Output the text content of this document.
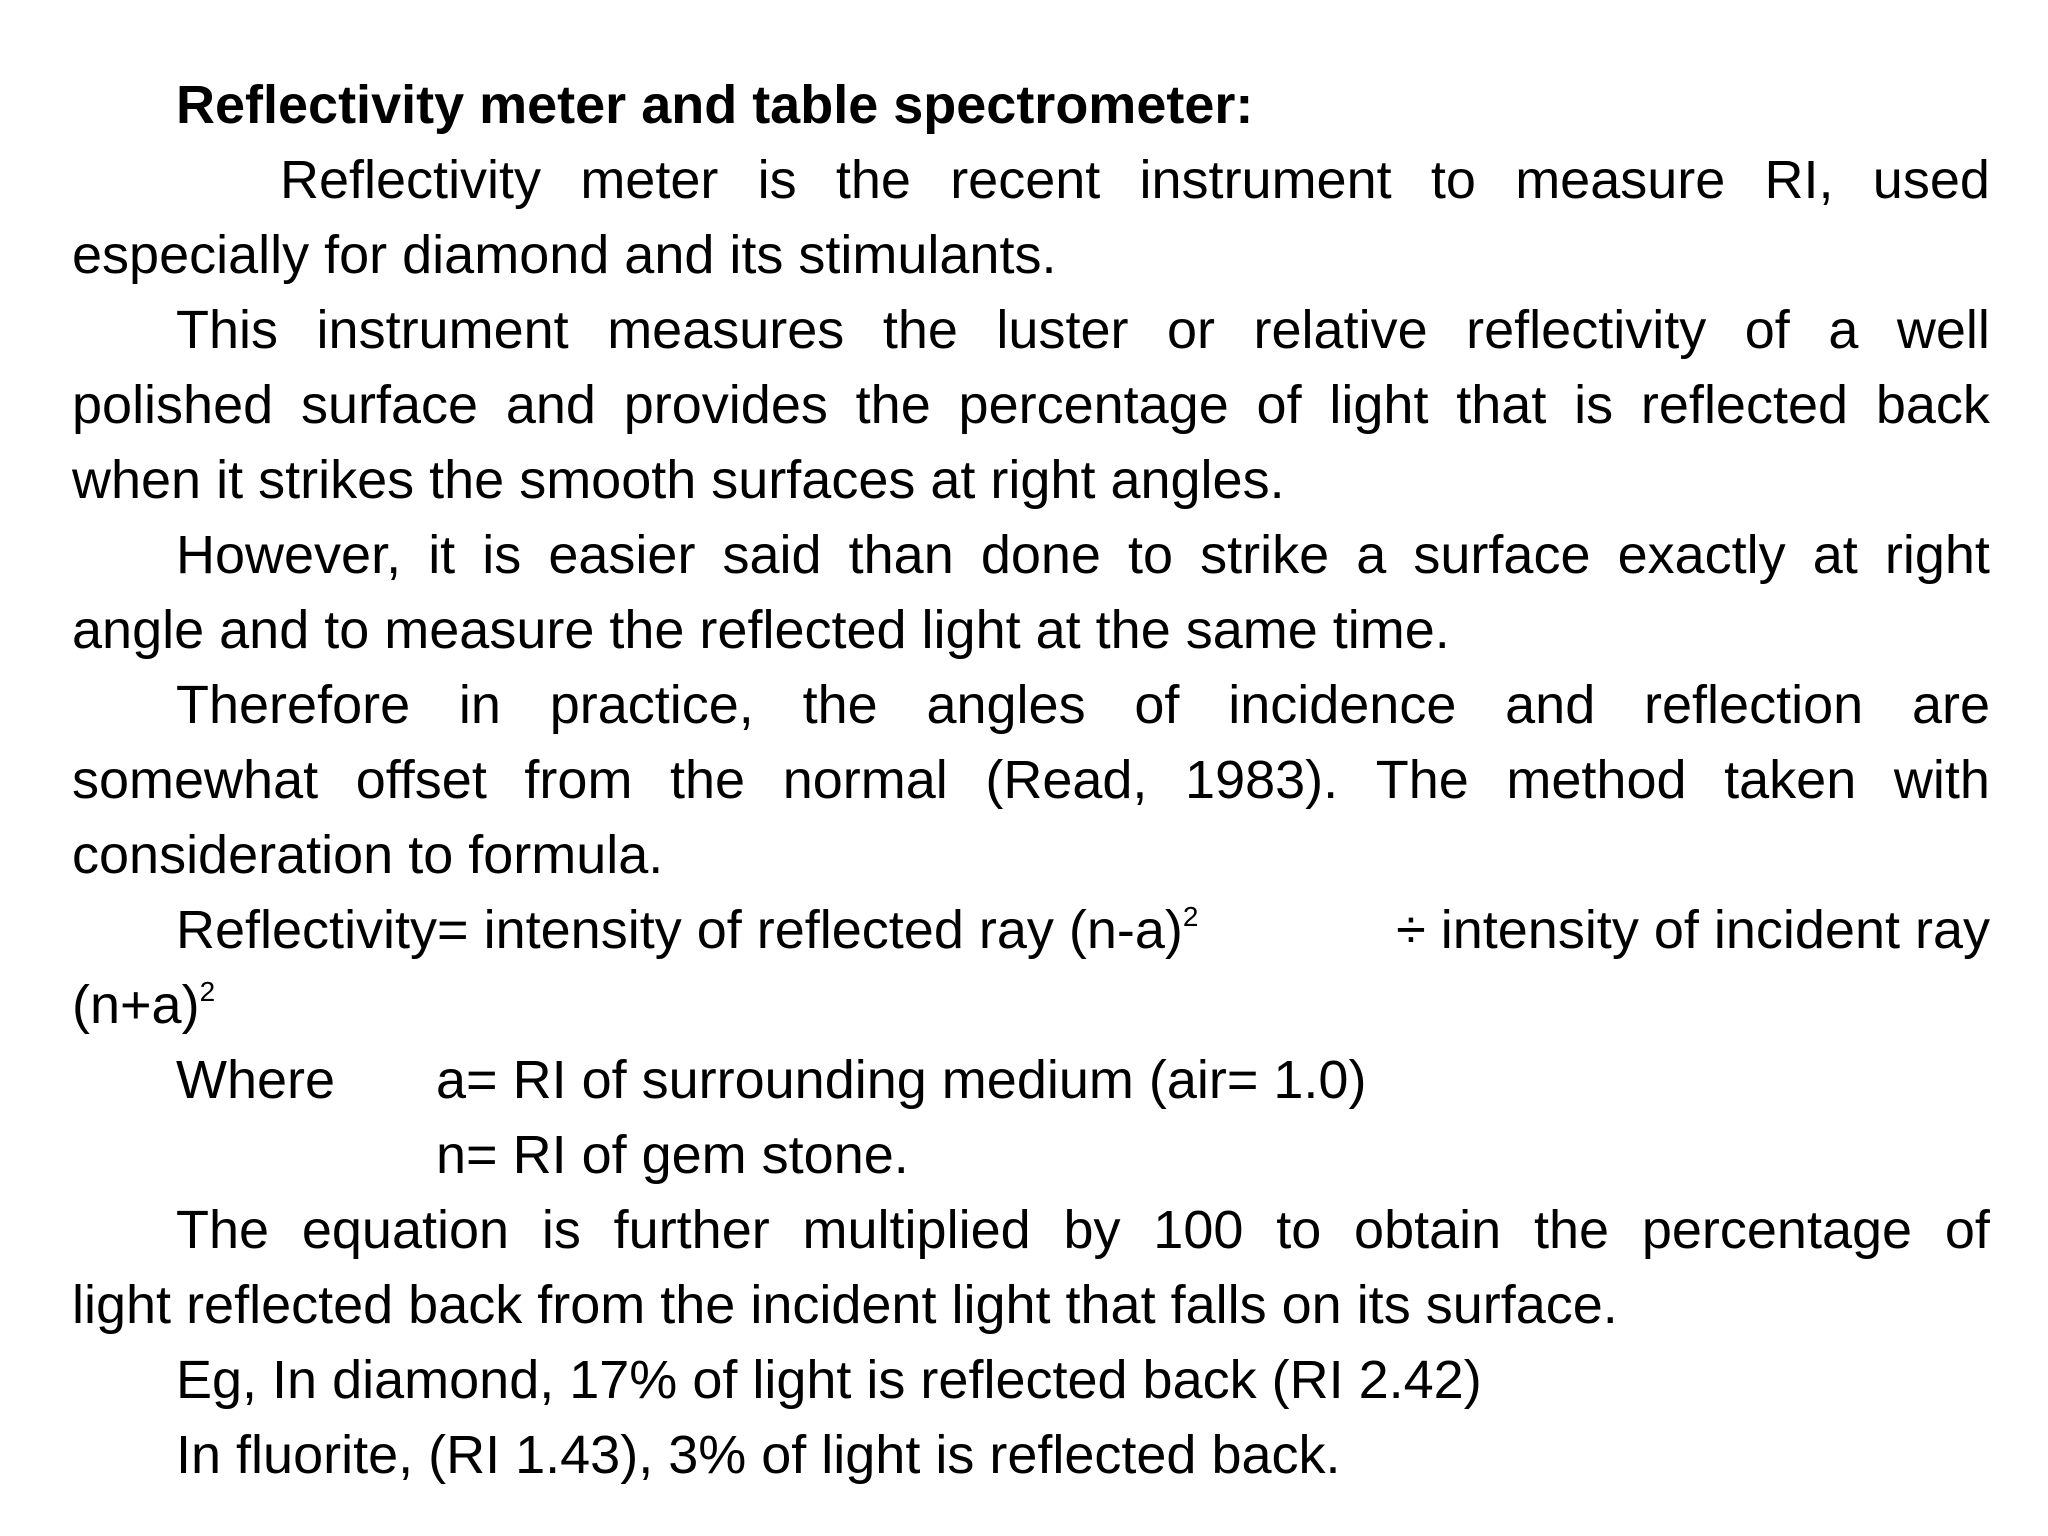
Reflectivity meter and table spectrometer:
Reflectivity meter is the recent instrument to measure RI, used
especially for diamond and its stimulants.
This instrument measures the luster or relative reflectivity of a well
polished surface and provides the percentage of light that is reflected back
when it strikes the smooth surfaces at right angles.
However, it is easier said than done to strike a surface exactly at right
angle and to measure the reflected light at the same time.
Therefore in practice, the angles of incidence and reflection are
somewhat offset from the normal (Read, 1983). The method taken with
consideration to formula.
Reflectivity= intensity of reflected ray $(n-a)^2$	÷ intensity of incident ray
$(n+a)^2$
Where	a= RI of surrounding medium (air= 1.0)
n= RI of gem stone.
The equation is further multiplied by 100 to obtain the percentage of
light reflected back from the incident light that falls on its surface.
Eg, In diamond, 17% of light is reflected back (RI 2.42)
In fluorite, (RI 1.43), 3% of light is reflected back.
